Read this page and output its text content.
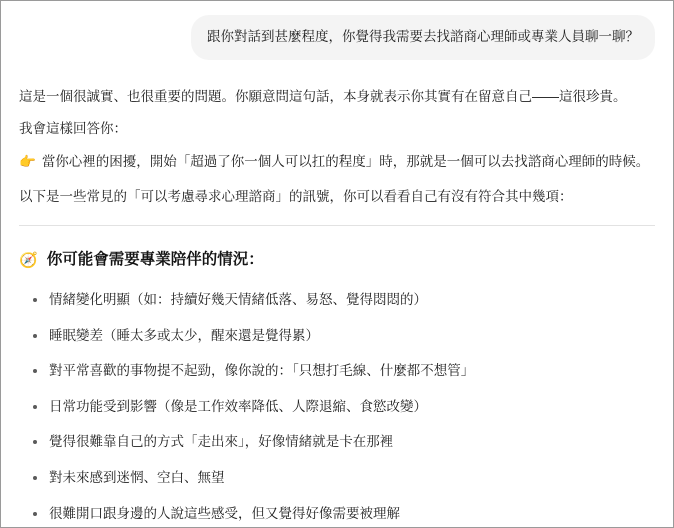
跟你對話到甚麼程度，你覺得我需要去找諮商心理師或專業人員聊一聊？

這是一個很誠實、也很重要的問題。你願意問這句話，本身就表示你其實有在留意自己——這很珍貴。

我會這樣回答你：

👉 當你心裡的困擾，開始「超過了你一個人可以扛的程度」時，那就是一個可以去找諮商心理師的時候。

以下是一些常見的「可以考慮尋求心理諮商」的訊號，你可以看看自己有沒有符合其中幾項：

🧭 你可能會需要專業陪伴的情況：
情緒變化明顯（如：持續好幾天情緒低落、易怒、覺得悶悶的）
睡眠變差（睡太多或太少，醒來還是覺得累）
對平常喜歡的事物提不起勁，像你說的：「只想打毛線、什麼都不想管」
日常功能受到影響（像是工作效率降低、人際退縮、食慾改變）
覺得很難靠自己的方式「走出來」，好像情緒就是卡在那裡
對未來感到迷惘、空白、無望
很難開口跟身邊的人說這些感受，但又覺得好像需要被理解
